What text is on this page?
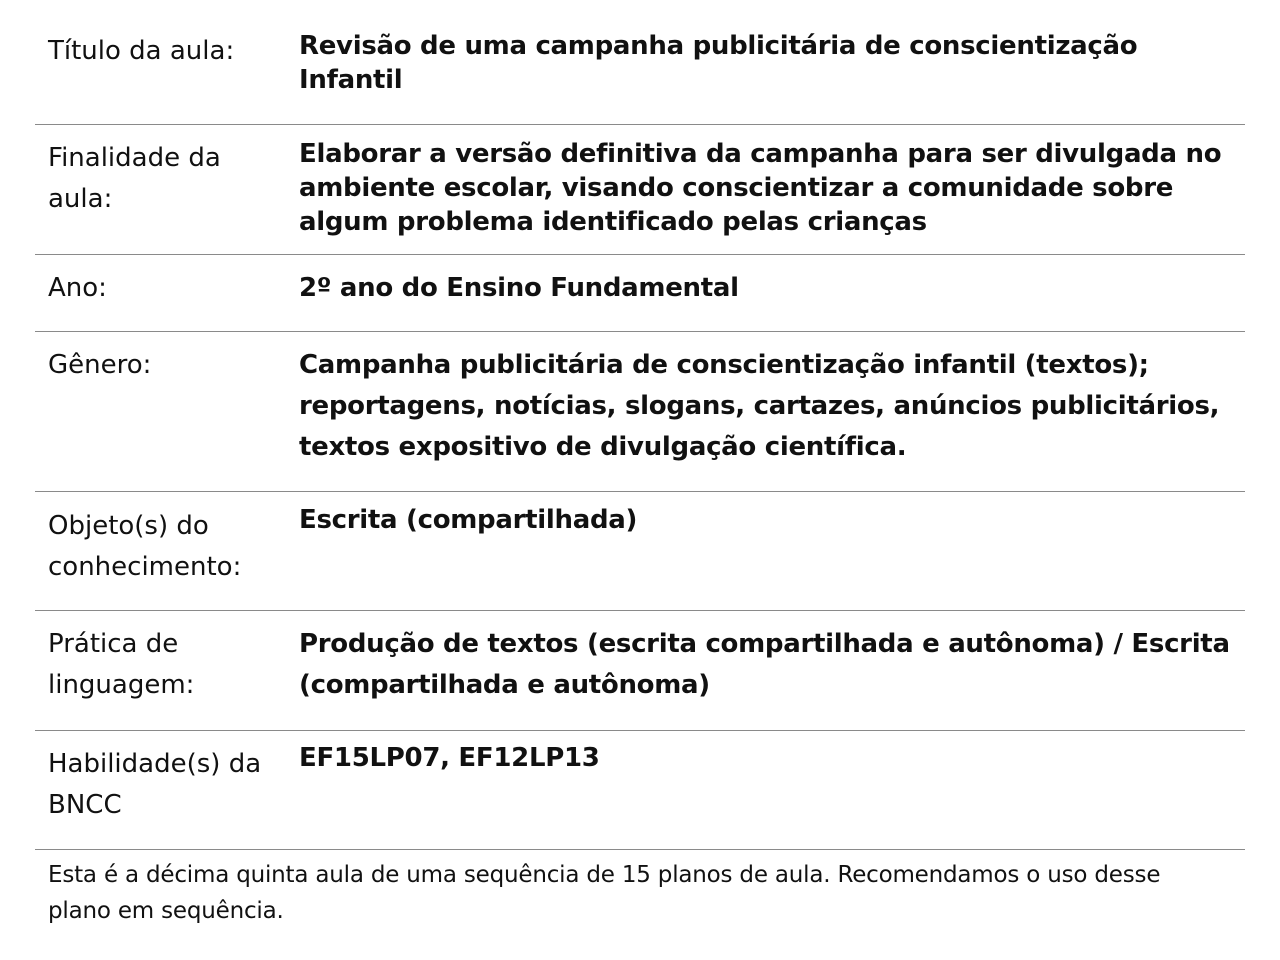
Título da aula:	Revisão de uma campanha publicitária de conscientização Infantil
Finalidade da aula:
Elaborar a versão definitiva da campanha para ser divulgada no ambiente escolar, visando conscientizar a comunidade sobre algum problema identificado pelas crianças
Ano:	2º ano do Ensino Fundamental
Gênero:	Campanha publicitária de conscientização infantil (textos); reportagens, notícias, slogans, cartazes, anúncios publicitários, textos expositivo de divulgação científica.
Objeto(s) do conhecimento:
Escrita (compartilhada)
Prática de linguagem:
Produção de textos (escrita compartilhada e autônoma) / Escrita (compartilhada e autônoma)
Habilidade(s) da BNCC
EF15LP07, EF12LP13
Esta é a décima quinta aula de uma sequência de 15 planos de aula. Recomendamos o uso desse plano em sequência.
